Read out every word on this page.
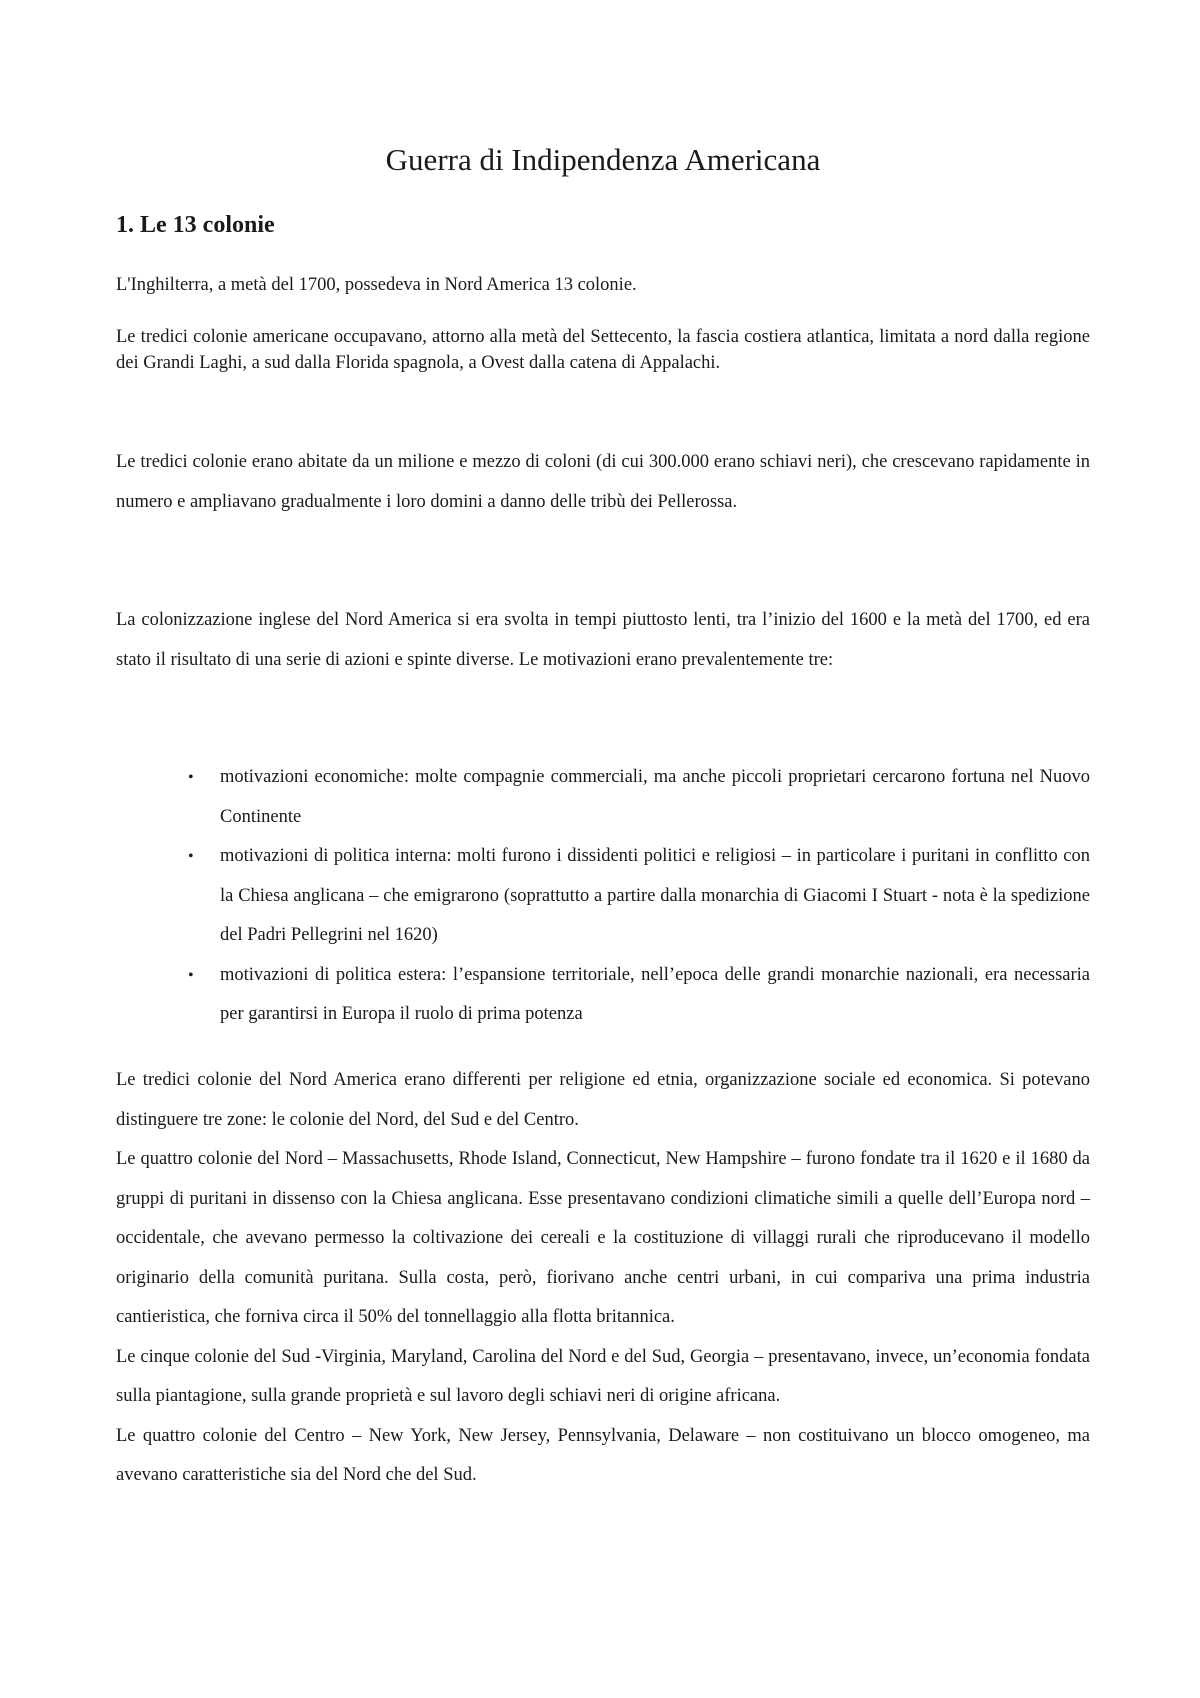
Guerra di Indipendenza Americana
1. Le 13 colonie

L'Inghilterra, a metà del 1700, possedeva in Nord America 13 colonie.

Le tredici colonie americane occupavano, attorno alla metà del Settecento, la fascia costiera atlantica, limitata a nord dalla regione dei Grandi Laghi, a sud dalla Florida spagnola, a Ovest dalla catena di Appalachi.

Le tredici colonie erano abitate da un milione e mezzo di coloni (di cui 300.000 erano schiavi neri), che crescevano rapidamente in numero e ampliavano gradualmente i loro domini a danno delle tribù dei Pellerossa.

La colonizzazione inglese del Nord America si era svolta in tempi piuttosto lenti, tra l’inizio del 1600 e la metà del 1700, ed era stato il risultato di una serie di azioni e spinte diverse. Le motivazioni erano prevalentemente tre:

• motivazioni economiche: molte compagnie commerciali, ma anche piccoli proprietari cercarono fortuna nel Nuovo Continente
• motivazioni di politica interna: molti furono i dissidenti politici e religiosi – in particolare i puritani in conflitto con la Chiesa anglicana – che emigrarono (soprattutto a partire dalla monarchia di Giacomi I Stuart - nota è la spedizione del Padri Pellegrini nel 1620)
• motivazioni di politica estera: l’espansione territoriale, nell’epoca delle grandi monarchie nazionali, era necessaria per garantirsi in Europa il ruolo di prima potenza
Le tredici colonie del Nord America erano differenti per religione ed etnia, organizzazione sociale ed economica. Si potevano distinguere tre zone: le colonie del Nord, del Sud e del Centro.
Le quattro colonie del Nord – Massachusetts, Rhode Island, Connecticut, New Hampshire – furono fondate tra il 1620 e il 1680 da gruppi di puritani in dissenso con la Chiesa anglicana. Esse presentavano condizioni climatiche simili a quelle dell’Europa nord – occidentale, che avevano permesso la coltivazione dei cereali e la costituzione di villaggi rurali che riproducevano il modello originario della comunità puritana. Sulla costa, però, fiorivano anche centri urbani, in cui compariva una prima industria cantieristica, che forniva circa il 50% del tonnellaggio alla flotta britannica.
Le cinque colonie del Sud -Virginia, Maryland, Carolina del Nord e del Sud, Georgia – presentavano, invece, un’economia fondata sulla piantagione, sulla grande proprietà e sul lavoro degli schiavi neri di origine africana.
Le quattro colonie del Centro – New York, New Jersey, Pennsylvania, Delaware – non costituivano un blocco omogeneo, ma avevano caratteristiche sia del Nord che del Sud.
